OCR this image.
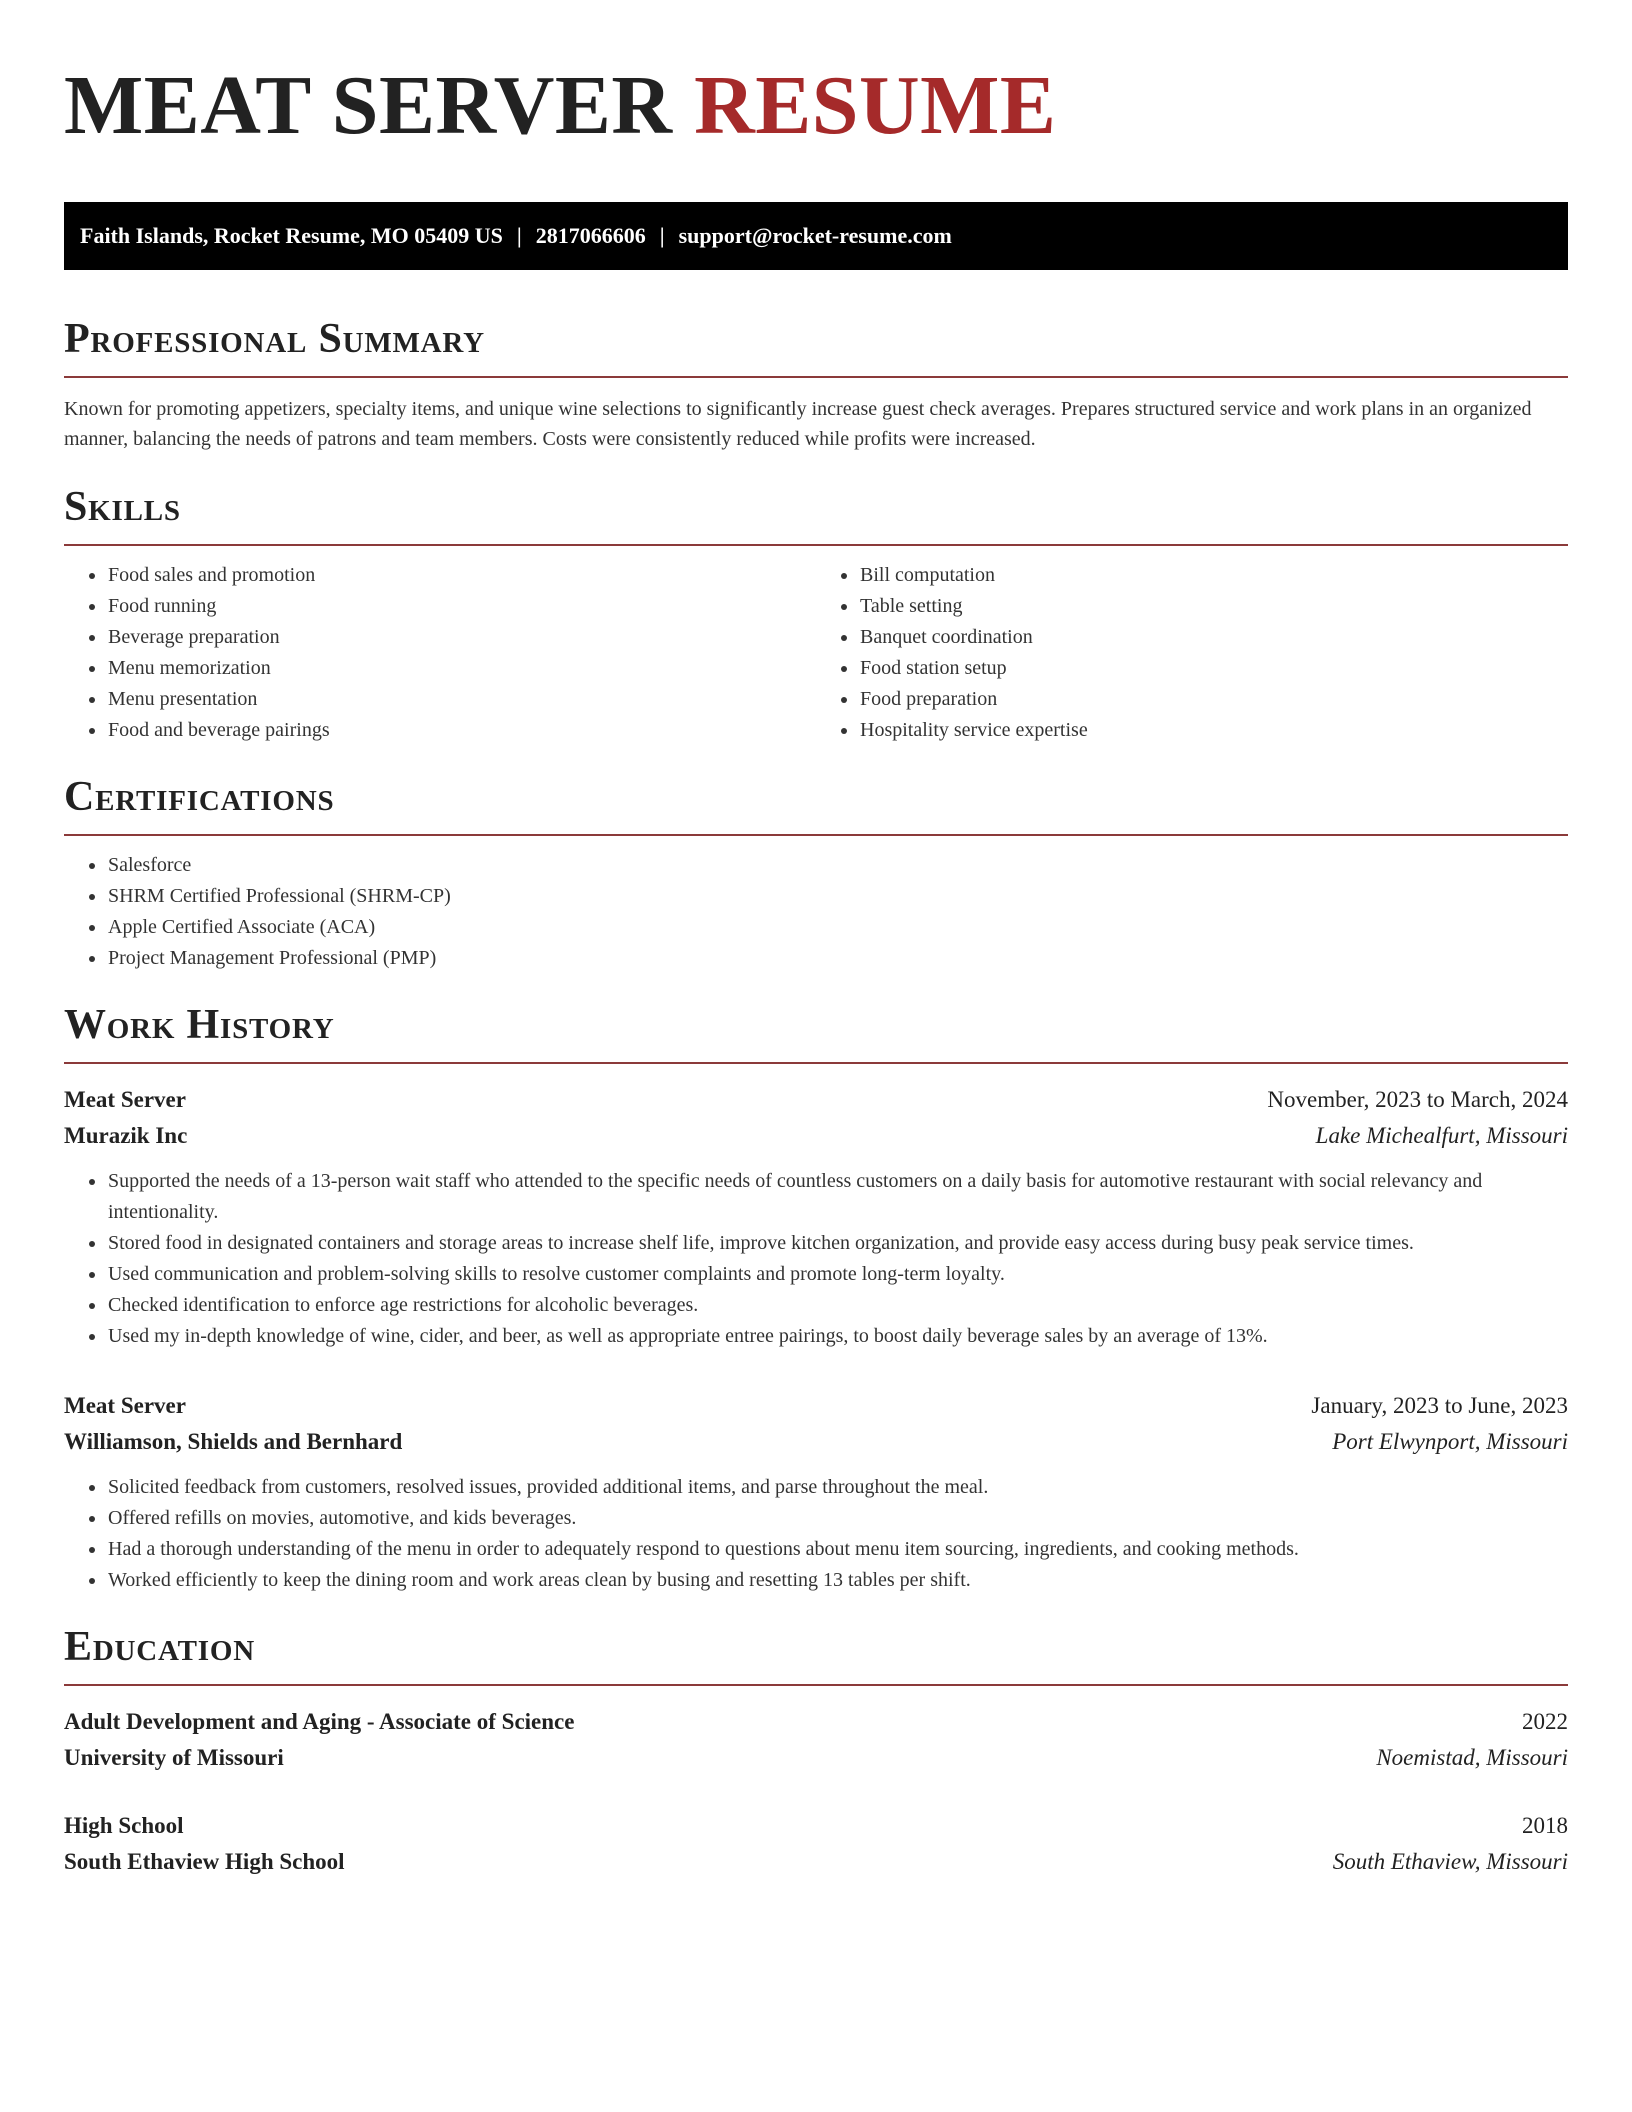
MEAT SERVER RESUME
Faith Islands, Rocket Resume, MO 05409 US | 2817066606 | support@rocket-resume.com
Professional Summary
Known for promoting appetizers, specialty items, and unique wine selections to significantly increase guest check averages. Prepares structured service and work plans in an organized manner, balancing the needs of patrons and team members. Costs were consistently reduced while profits were increased.
Skills
• Food sales and promotion
• Food running
• Beverage preparation
• Menu memorization
• Menu presentation
• Food and beverage pairings
• Bill computation
• Table setting
• Banquet coordination
• Food station setup
• Food preparation
• Hospitality service expertise
Certifications
• Salesforce
• SHRM Certified Professional (SHRM-CP)
• Apple Certified Associate (ACA)
• Project Management Professional (PMP)
Work History
Meat Server	November, 2023 to March, 2024
Murazik Inc	Lake Michealfurt, Missouri
• Supported the needs of a 13-person wait staff who attended to the specific needs of countless customers on a daily basis for automotive restaurant with social relevancy and intentionality.
• Stored food in designated containers and storage areas to increase shelf life, improve kitchen organization, and provide easy access during busy peak service times.
• Used communication and problem-solving skills to resolve customer complaints and promote long-term loyalty.
• Checked identification to enforce age restrictions for alcoholic beverages.
• Used my in-depth knowledge of wine, cider, and beer, as well as appropriate entree pairings, to boost daily beverage sales by an average of 13%.
Meat Server	January, 2023 to June, 2023
Williamson, Shields and Bernhard	Port Elwynport, Missouri
• Solicited feedback from customers, resolved issues, provided additional items, and parse throughout the meal.
• Offered refills on movies, automotive, and kids beverages.
• Had a thorough understanding of the menu in order to adequately respond to questions about menu item sourcing, ingredients, and cooking methods.
• Worked efficiently to keep the dining room and work areas clean by busing and resetting 13 tables per shift.
Education
Adult Development and Aging - Associate of Science	2022
University of Missouri	Noemistad, Missouri
High School	2018
South Ethaview High School	South Ethaview, Missouri
